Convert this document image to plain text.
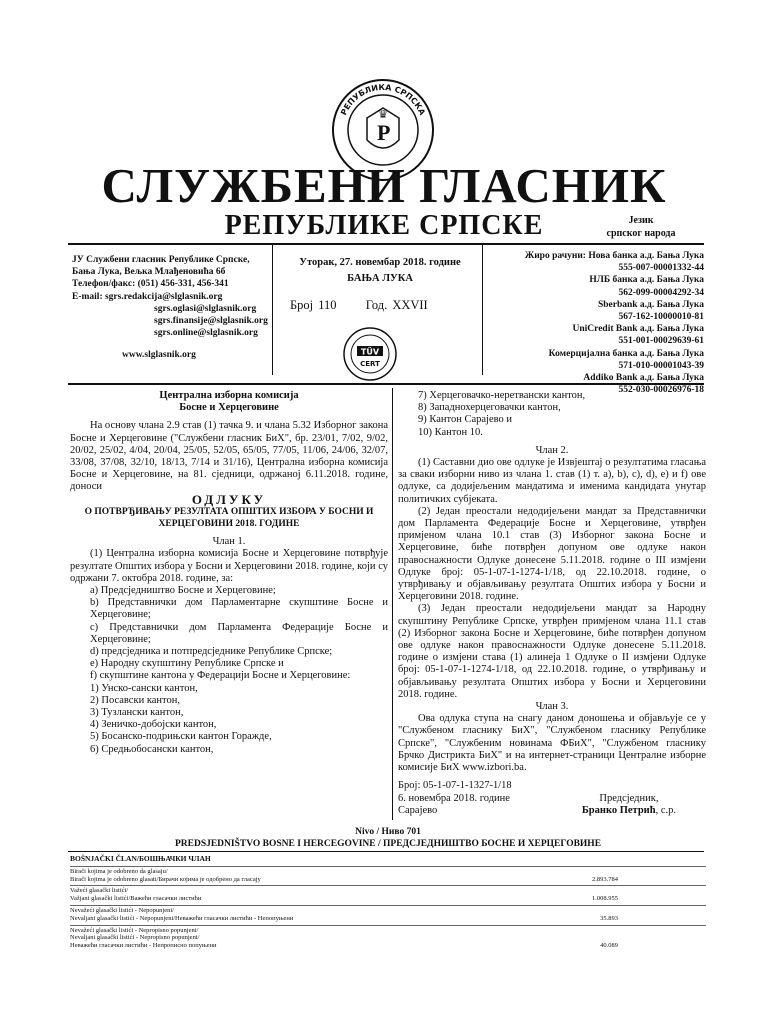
Р
♛
РЕПУБЛИКА СРПСКА
СЛУЖБЕНИ ГЛАСНИК
РЕПУБЛИКЕ СРПСКЕ	Језик
српског народа
ЈУ Службени гласник Републике Српске,
Бања Лука, Вељка Млађеновића 6б
Телефон/факс: (051) 456-331, 456-341
E-mail: sgrs.redakcija@slglasnik.org
sgrs.oglasi@slglasnik.org
sgrs.finansije@slglasnik.org
sgrs.online@slglasnik.org
www.slglasnik.org
Уторак, 27. новембар 2018. године
БАЊА ЛУКА
Број 110 Год. XXVII
TÜV
CERT
Жиро рачуни: Нова банка а.д. Бања Лука
555-007-00001332-44
НЛБ банка а.д. Бања Лука
562-099-00004292-34
Sberbank а.д. Бања Лука
567-162-10000010-81
UniCredit Bank а.д. Бања Лука
551-001-00029639-61
Комерцијална банка а.д. Бања Лука
571-010-00001043-39
Addiko Bank а.д. Бања Лука
552-030-00026976-18

Централна изборна комисија

Босне и Херцеговине

На основу члана 2.9 став (1) тачка 9. и члана 5.32 Изборног закона Босне и Херцеговине ("Службени гласник БиХ", бр. 23/01, 7/02, 9/02, 20/02, 25/02, 4/04, 20/04, 25/05, 52/05, 65/05, 77/05, 11/06, 24/06, 32/07, 33/08, 37/08, 32/10, 18/13, 7/14 и 31/16), Централна изборна комисија Босне и Херцеговине, на 81. сједници, одржаној 6.11.2018. године, доноси

ОДЛУКУ

О ПОТВРЂИВАЊУ РЕЗУЛТАТА ОПШТИХ ИЗБОРА У БОСНИ И ХЕРЦЕГОВИНИ 2018. ГОДИНЕ

Члан 1.

(1) Централна изборна комисија Босне и Херцеговине потврђује резултате Општих избора у Босни и Херцеговини 2018. године, који су одржани 7. октобра 2018. године, за:

а) Предсједништво Босне и Херцеговине;

b) Представнички дом Парламентарне скупштине Босне и Херцеговине;

c) Представнички дом Парламента Федерације Босне и Херцеговине;

d) предсједника и потпредсједнике Републике Српске;

е) Народну скупштину Републике Српске и

f) скупштине кантона у Федерацији Босне и Херцеговине:

1) Унско-сански кантон,

2) Посавски кантон,

3) Тузлански кантон,

4) Зеничко-добојски кантон,

5) Босанско-подрињски кантон Горажде,

6) Средњобосански кантон,

7) Херцеговачко-неретвански кантон,

8) Западнохерцеговачки кантон,

9) Кантон Сарајево и

10) Кантон 10.

Члан 2.

(1) Саставни дио ове одлуке је Извјештај о резултатима гласања за сваки изборни ниво из члана 1. став (1) т. а), b), c), d), е) и f) ове одлуке, са додијељеним мандатима и именима кандидата унутар политичких субјеката.

(2) Један преостали недодијељени мандат за Представнички дом Парламента Федерације Босне и Херцеговине, утврђен примјеном члана 10.1 став (3) Изборног закона Босне и Херцеговине, биће потврђен допуном ове одлуке након правоснажности Одлуке донесене 5.11.2018. године о III измјени Одлуке број: 05-1-07-1-1274-1/18, од 22.10.2018. године, о утврђивању и објављивању резултата Општих избора у Босни и Херцеговини 2018. године.

(3) Један преостали недодијељени мандат за Народну скупштину Републике Српске, утврђен примјеном члана 11.1 став (2) Изборног закона Босне и Херцеговине, биће потврђен допуном ове одлуке након правоснажности Одлуке донесене 5.11.2018. године о измјени става (1) алинеја 1 Одлуке о II измјени Одлуке број: 05-1-07-1-1274-1/18, од 22.10.2018. године, о утврђивању и објављивању резултата Општих избора у Босни и Херцеговини 2018. године.

Члан 3.

Ова одлука ступа на снагу даном доношења и објављује се у "Службеном гласнику БиХ", "Службеном гласнику Републике Српске", "Службеним новинама ФБиХ", "Службеном гласнику Брчко Дистрикта БиХ" и на интернет-страници Централне изборне комисије БиХ www.izbori.ba.

Број: 05-1-07-1-1327-1/18

6. новембра 2018. године

Сарајево

Предсједник,

Бранко Петрић, с.р.

Nivo / Ниво 701
PREDSJEDNIŠTVO BOSNE I HERCEGOVINE / ПРЕДСЈЕДНИШТВО БОСНЕ И ХЕРЦЕГОВИНЕ
BOŠNJAČKI ČLAN/БОШЊАЧКИ ЧЛАН
Birači kojima je odobreno da glasaju/
Birači kojima je odobreno glasati/Бирачи којима је одобрено да гласају	2.893.784
Važeći glasački listići/
Važjani glasački listići/Важећи гласачки листићи	1.008.955
Nevažeći glasački listići - Nepopunjeni/
Nevaljani glasački listići - Nepopunjeni/Неважећи гласачки листићи - Непопуњени	35.893
Nevažeći glasački listići - Nepropisno popunjeni/
Nevaljani glasački listići - Nepropisno popunjeni/
Неважећи гласачки листићи - Непрописно попуњени	40.089
